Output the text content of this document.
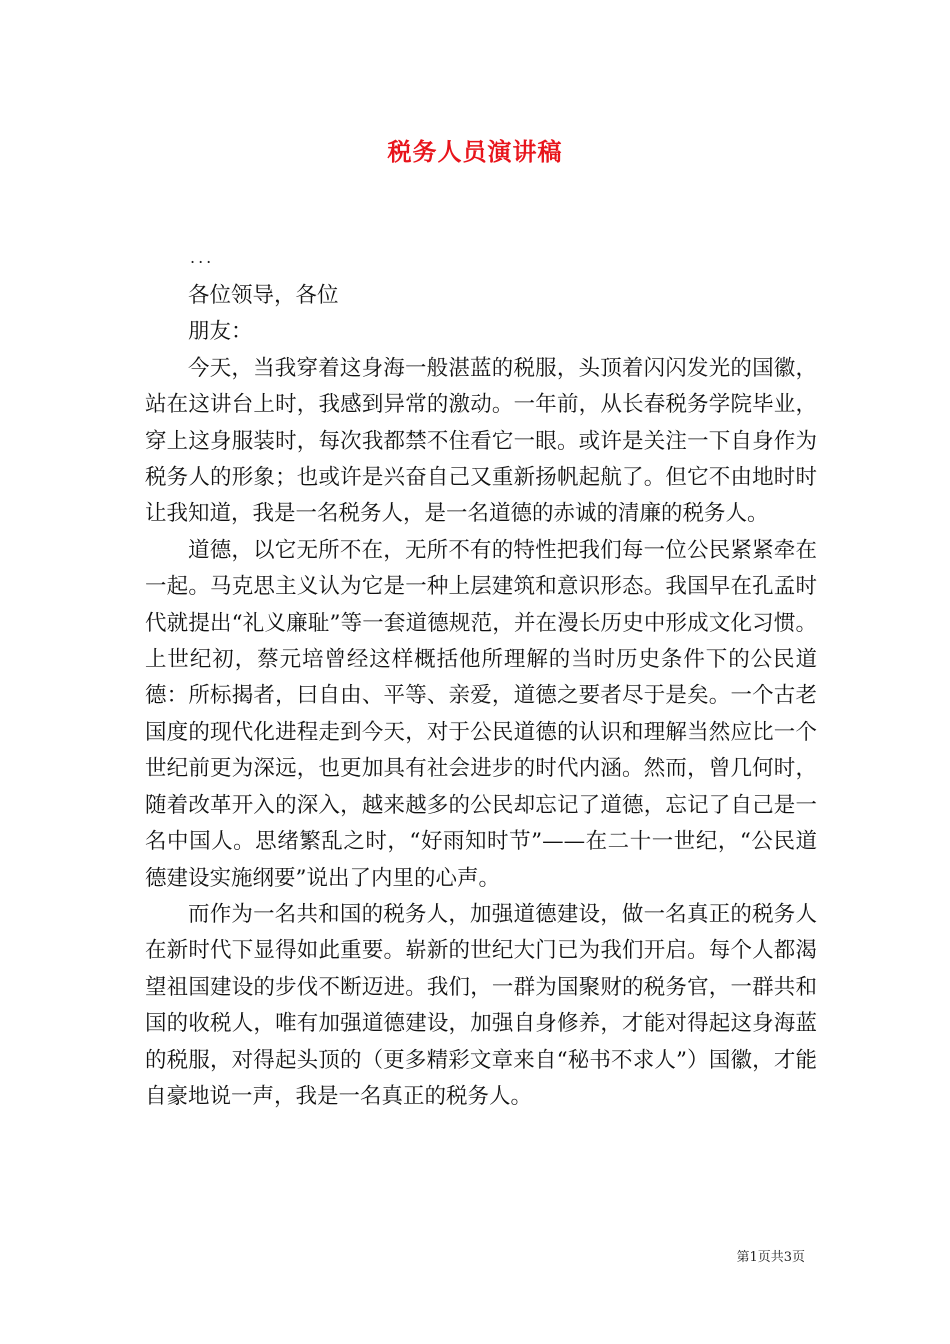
税务人员演讲稿
...

各位领导，各位

朋友：

今天，当我穿着这身海一般湛蓝的税服，头顶着闪闪发光的国徽，站在这讲台上时，我感到异常的激动。一年前，从长春税务学院毕业，穿上这身服装时，每次我都禁不住看它一眼。或许是关注一下自身作为税务人的形象；也或许是兴奋自己又重新扬帆起航了。但它不由地时时让我知道，我是一名税务人，是一名道德的赤诚的清廉的税务人。

道德，以它无所不在，无所不有的特性把我们每一位公民紧紧牵在一起。马克思主义认为它是一种上层建筑和意识形态。我国早在孔孟时代就提出“礼义廉耻”等一套道德规范，并在漫长历史中形成文化习惯。上世纪初，蔡元培曾经这样概括他所理解的当时历史条件下的公民道德：所标揭者，曰自由、平等、亲爱，道德之要者尽于是矣。一个古老国度的现代化进程走到今天，对于公民道德的认识和理解当然应比一个世纪前更为深远，也更加具有社会进步的时代内涵。然而，曾几何时，随着改革开入的深入，越来越多的公民却忘记了道德，忘记了自己是一名中国人。思绪繁乱之时，“好雨知时节”——在二十一世纪，“公民道德建设实施纲要”说出了内里的心声。

而作为一名共和国的税务人，加强道德建设，做一名真正的税务人在新时代下显得如此重要。崭新的世纪大门已为我们开启。每个人都渴望祖国建设的步伐不断迈进。我们，一群为国聚财的税务官，一群共和国的收税人，唯有加强道德建设，加强自身修养，才能对得起这身海蓝的税服，对得起头顶的（更多精彩文章来自“秘书不求人”）国徽，才能自豪地说一声，我是一名真正的税务人。

第1页共3页
